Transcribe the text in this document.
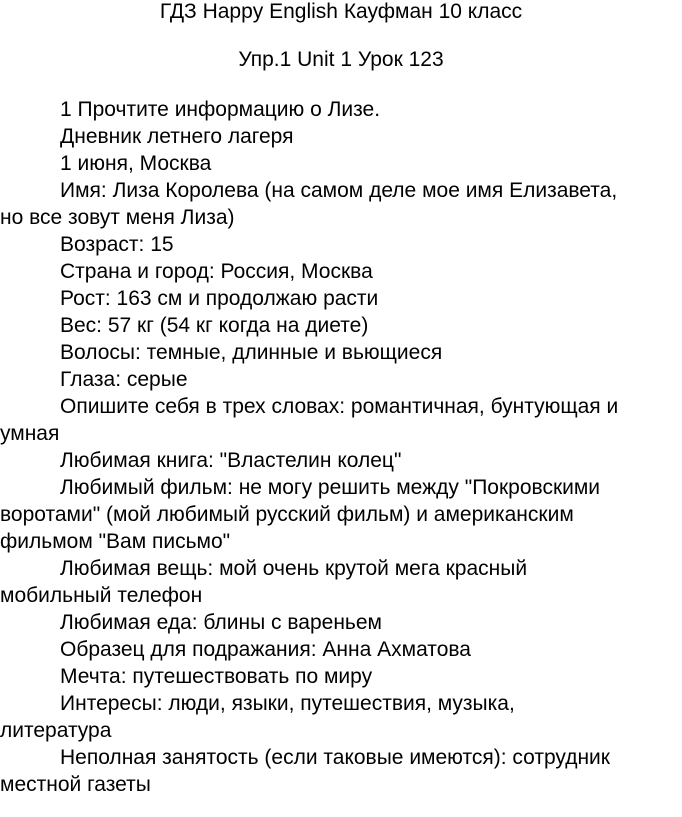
ГДЗ Happy English Кауфман 10 класс
Упр.1 Unit 1 Урок 123

1 Прочтите информацию о Лизе.

Дневник летнего лагеря

1 июня, Москва

Имя: Лиза Королева (на самом деле мое имя Елизавета,
но все зовут меня Лиза)

Возраст: 15

Страна и город: Россия, Москва

Рост: 163 см и продолжаю расти

Вес: 57 кг (54 кг когда на диете)

Волосы: темные, длинные и вьющиеся

Глаза: серые

Опишите себя в трех словах: романтичная, бунтующая и
умная

Любимая книга: "Властелин колец"

Любимый фильм: не могу решить между "Покровскими
воротами" (мой любимый русский фильм) и американским
фильмом "Вам письмо"

Любимая вещь: мой очень крутой мега красный
мобильный телефон

Любимая еда: блины с вареньем

Образец для подражания: Анна Ахматова

Мечта: путешествовать по миру

Интересы: люди, языки, путешествия, музыка,
литература

Неполная занятость (если таковые имеются): сотрудник
местной газеты
